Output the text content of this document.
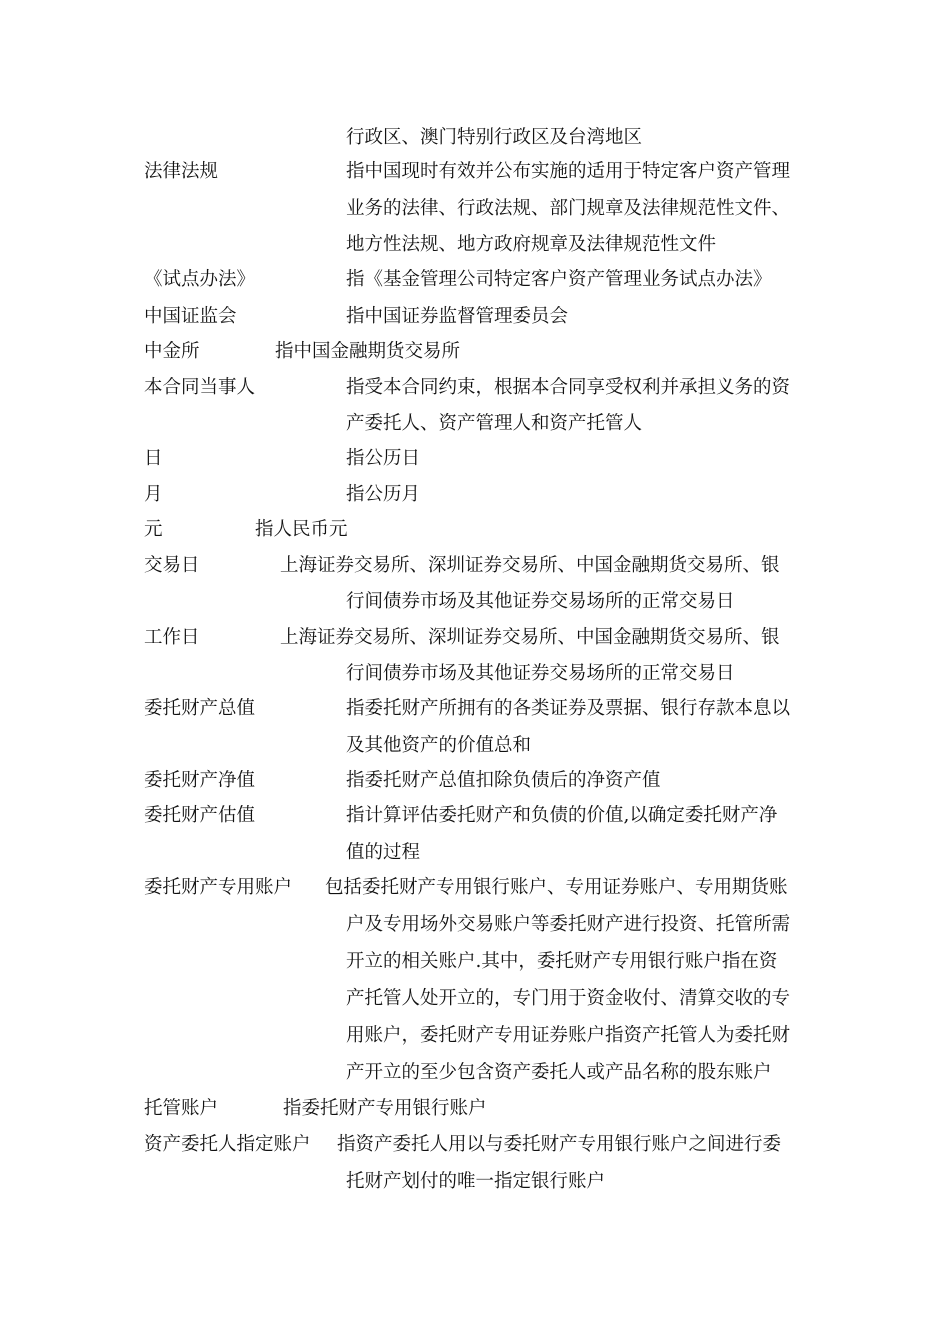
行政区、澳门特别行政区及台湾地区
法律法规	指中国现时有效并公布实施的适用于特定客户资产管理
业务的法律、行政法规、部门规章及法律规范性文件、
地方性法规、地方政府规章及法律规范性文件
《试点办法》	指《基金管理公司特定客户资产管理业务试点办法》
中国证监会	指中国证券监督管理委员会
中金所	指中国金融期货交易所
本合同当事人	指受本合同约束，根据本合同享受权利并承担义务的资
产委托人、资产管理人和资产托管人
日	指公历日
月	指公历月
元	指人民币元
交易日	上海证券交易所、深圳证券交易所、中国金融期货交易所、银
行间债券市场及其他证券交易场所的正常交易日
工作日	上海证券交易所、深圳证券交易所、中国金融期货交易所、银
行间债券市场及其他证券交易场所的正常交易日
委托财产总值	指委托财产所拥有的各类证券及票据、银行存款本息以
及其他资产的价值总和
委托财产净值	指委托财产总值扣除负债后的净资产值
委托财产估值	指计算评估委托财产和负债的价值,以确定委托财产净
值的过程
委托财产专用账户 包括委托财产专用银行账户、专用证券账户、专用期货账
户及专用场外交易账户等委托财产进行投资、托管所需
开立的相关账户.其中，委托财产专用银行账户指在资
产托管人处开立的，专门用于资金收付、清算交收的专
用账户，委托财产专用证券账户指资产托管人为委托财
产开立的至少包含资产委托人或产品名称的股东账户
托管账户	指委托财产专用银行账户
资产委托人指定账户 指资产委托人用以与委托财产专用银行账户之间进行委
托财产划付的唯一指定银行账户
